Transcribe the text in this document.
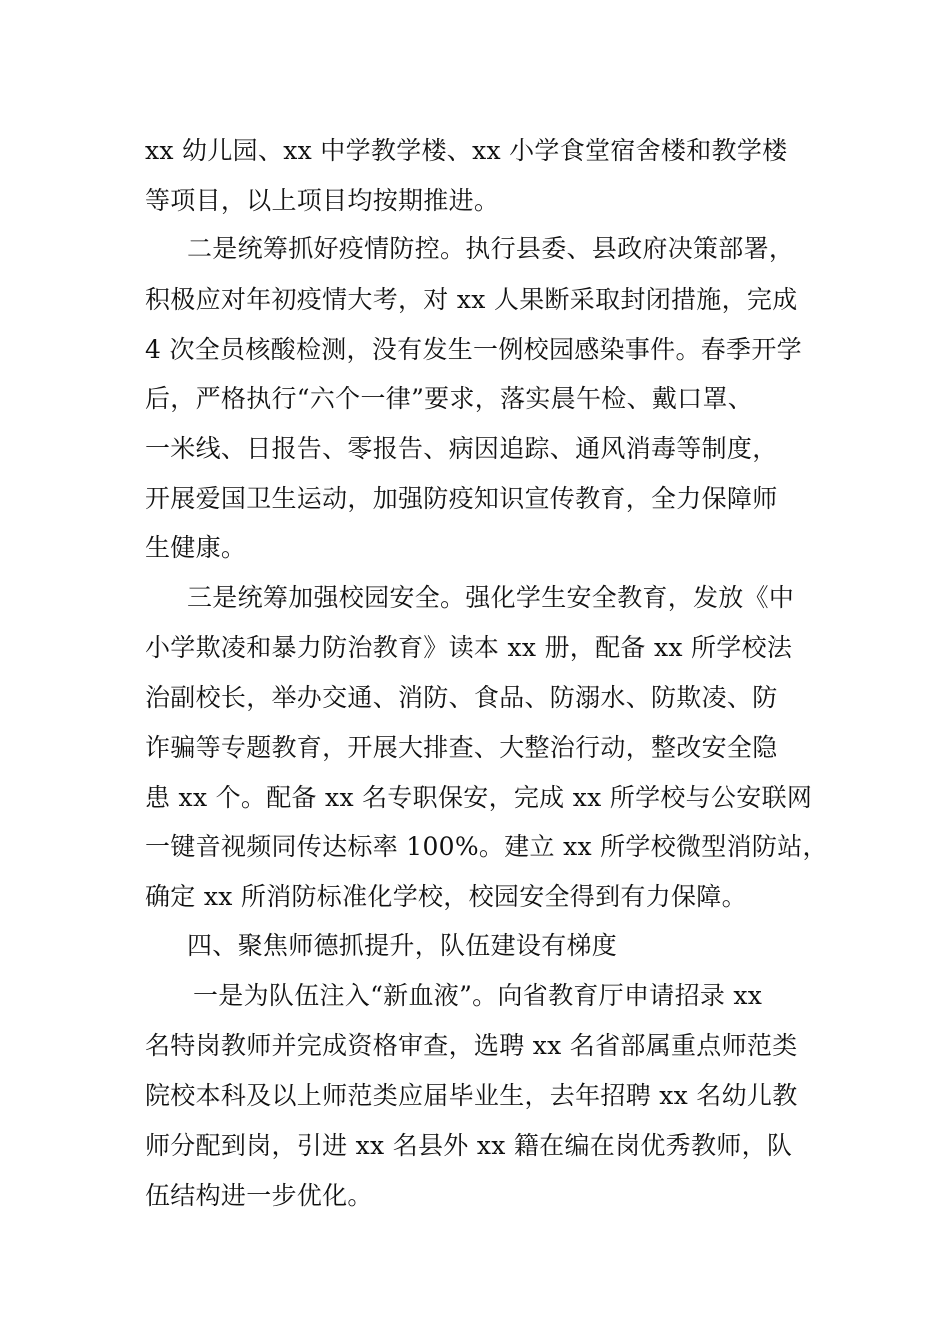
xx 幼儿园、xx 中学教学楼、xx 小学食堂宿舍楼和教学楼
等项目，以上项目均按期推进。
二是统筹抓好疫情防控。执行县委、县政府决策部署，
积极应对年初疫情大考，对 xx 人果断采取封闭措施，完成
4 次全员核酸检测，没有发生一例校园感染事件。春季开学
后，严格执行“六个一律”要求，落实晨午检、戴口罩、
一米线、日报告、零报告、病因追踪、通风消毒等制度，
开展爱国卫生运动，加强防疫知识宣传教育，全力保障师
生健康。
三是统筹加强校园安全。强化学生安全教育，发放《中
小学欺凌和暴力防治教育》读本 xx 册，配备 xx 所学校法
治副校长，举办交通、消防、食品、防溺水、防欺凌、防
诈骗等专题教育，开展大排查、大整治行动，整改安全隐
患 xx 个。配备 xx 名专职保安，完成 xx 所学校与公安联网
一键音视频同传达标率 100%。建立 xx 所学校微型消防站，
确定 xx 所消防标准化学校，校园安全得到有力保障。
四、聚焦师德抓提升，队伍建设有梯度
一是为队伍注入“新血液”。向省教育厅申请招录 xx
名特岗教师并完成资格审查，选聘 xx 名省部属重点师范类
院校本科及以上师范类应届毕业生，去年招聘 xx 名幼儿教
师分配到岗，引进 xx 名县外 xx 籍在编在岗优秀教师，队
伍结构进一步优化。
